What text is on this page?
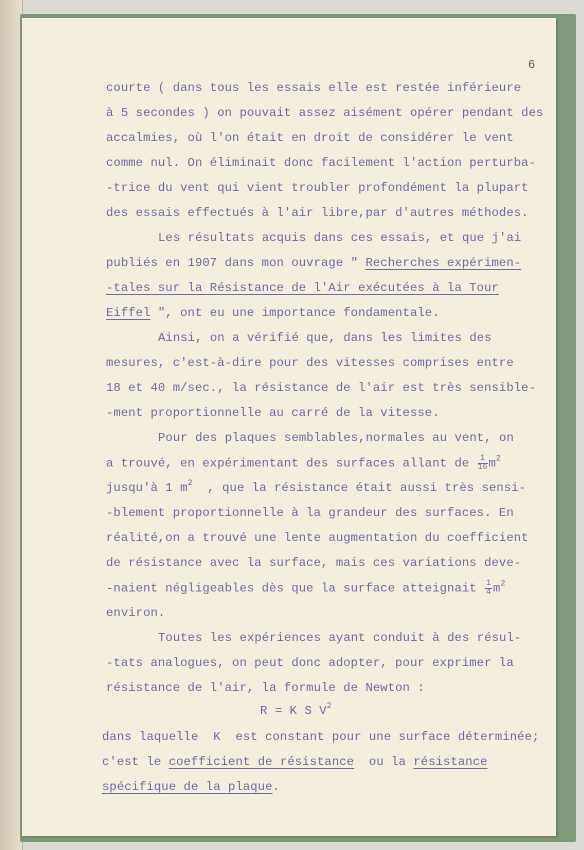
6

courte ( dans tous les essais elle est restée inférieure

à 5 secondes ) on pouvait assez aisément opérer pendant des

accalmies, où l'on était en droit de considérer le vent

comme nul. On éliminait donc facilement l'action perturba-

-trice du vent qui vient troubler profondément la plupart

des essais effectués à l'air libre,par d'autres méthodes.

Les résultats acquis dans ces essais, et que j'ai

publiés en 1907 dans mon ouvrage " Recherches expérimen-

-tales sur la Résistance de l'Air exécutées à la Tour

Eiffel ", ont eu une importance fondamentale.

Ainsi, on a vérifié que, dans les limites des

mesures, c'est-à-dire pour des vitesses comprises entre

18 et 40 m/sec., la résistance de l'air est très sensible-

-ment proportionnelle au carré de la vitesse.

Pour des plaques semblables,normales au vent, on

a trouvé, en expérimentant des surfaces allant de $\frac{1}{16} m^2$

jusqu'à 1 $m^2$  , que la résistance était aussi très sensi-

-blement proportionnelle à la grandeur des surfaces. En

réalité,on a trouvé une lente augmentation du coefficient

de résistance avec la surface, mais ces variations deve-

-naient négligeables dès que la surface atteignait $\frac{1}{4} m^2$

environ.

Toutes les expériences ayant conduit à des résul-

-tats analogues, on peut donc adopter, pour exprimer la

résistance de l'air, la formule de Newton :

R = K S $V^2$

dans laquelle  K  est constant pour une surface déterminée;

c'est le coefficient de résistance  ou la résistance

spécifique de la plaque.
